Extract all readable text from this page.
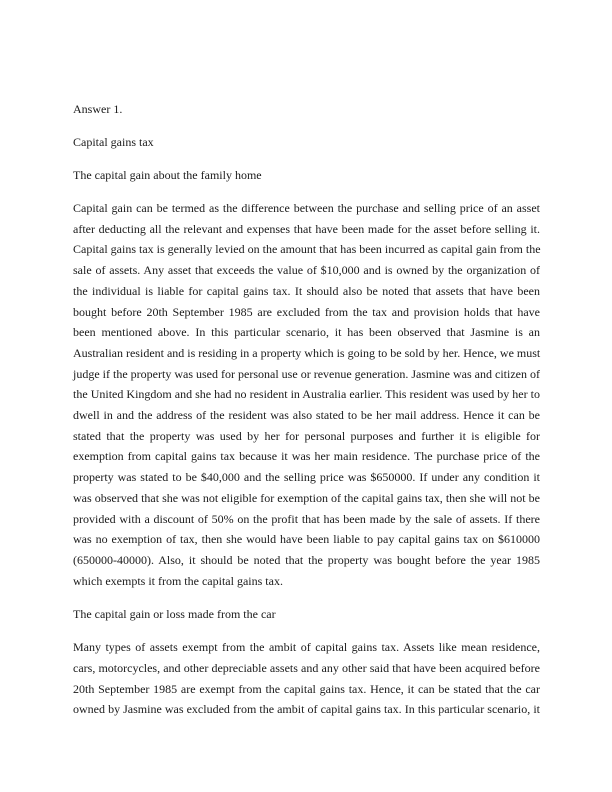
Answer 1.

Capital gains tax

The capital gain about the family home

Capital gain can be termed as the difference between the purchase and selling price of an asset
after deducting all the relevant and expenses that have been made for the asset before selling it.
Capital gains tax is generally levied on the amount that has been incurred as capital gain from the
sale of assets. Any asset that exceeds the value of $10,000 and is owned by the organization of
the individual is liable for capital gains tax. It should also be noted that assets that have been
bought before 20th September 1985 are excluded from the tax and provision holds that have
been mentioned above. In this particular scenario, it has been observed that Jasmine is an
Australian resident and is residing in a property which is going to be sold by her. Hence, we must
judge if the property was used for personal use or revenue generation. Jasmine was and citizen of
the United Kingdom and she had no resident in Australia earlier. This resident was used by her to
dwell in and the address of the resident was also stated to be her mail address. Hence it can be
stated that the property was used by her for personal purposes and further it is eligible for
exemption from capital gains tax because it was her main residence. The purchase price of the
property was stated to be $40,000 and the selling price was $650000. If under any condition it
was observed that she was not eligible for exemption of the capital gains tax, then she will not be
provided with a discount of 50% on the profit that has been made by the sale of assets. If there
was no exemption of tax, then she would have been liable to pay capital gains tax on $610000
(650000-40000). Also, it should be noted that the property was bought before the year 1985
which exempts it from the capital gains tax.

The capital gain or loss made from the car

Many types of assets exempt from the ambit of capital gains tax. Assets like mean residence,
cars, motorcycles, and other depreciable assets and any other said that have been acquired before
20th September 1985 are exempt from the capital gains tax. Hence, it can be stated that the car
owned by Jasmine was excluded from the ambit of capital gains tax. In this particular scenario, it
